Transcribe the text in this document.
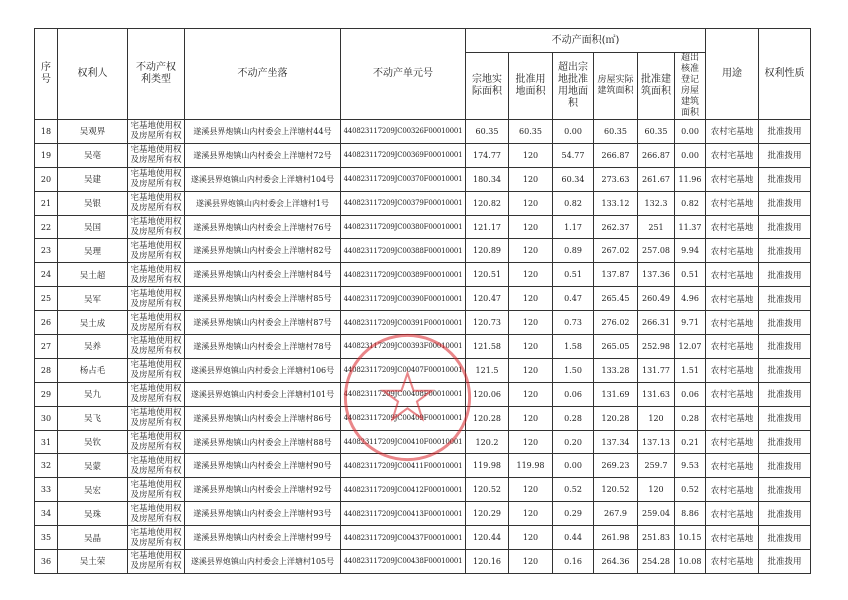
序号	权利人	不动产权利类型	不动产坐落	不动产单元号	不动产面积(㎡)						用途	权利性质
					宗地实际面积	批准用地面积	超出宗地批准用地面积	房屋实际建筑面积	批准建筑面积	超出核准登记房屋建筑面积		
18	吴观界	宅基地使用权及房屋所有权	遂溪县界炮镇山内村委会上洋塘村44号	440823117209JC00326F00010001	60.35	60.35	0.00	60.35	60.35	0.00	农村宅基地	批准拨用
19	吴亳	宅基地使用权及房屋所有权	遂溪县界炮镇山内村委会上洋塘村72号	440823117209JC00369F00010001	174.77	120	54.77	266.87	266.87	0.00	农村宅基地	批准拨用
20	吴建	宅基地使用权及房屋所有权	遂溪县界炮镇山内村委会上洋塘村104号	440823117209JC00370F00010001	180.34	120	60.34	273.63	261.67	11.96	农村宅基地	批准拨用
21	吴银	宅基地使用权及房屋所有权	遂溪县界炮镇山内村委会上洋塘村1号	440823117209JC00379F00010001	120.82	120	0.82	133.12	132.3	0.82	农村宅基地	批准拨用
22	吴国	宅基地使用权及房屋所有权	遂溪县界炮镇山内村委会上洋塘村76号	440823117209JC00380F00010001	121.17	120	1.17	262.37	251	11.37	农村宅基地	批准拨用
23	吴理	宅基地使用权及房屋所有权	遂溪县界炮镇山内村委会上洋塘村82号	440823117209JC00388F00010001	120.89	120	0.89	267.02	257.08	9.94	农村宅基地	批准拨用
24	吴土超	宅基地使用权及房屋所有权	遂溪县界炮镇山内村委会上洋塘村84号	440823117209JC00389F00010001	120.51	120	0.51	137.87	137.36	0.51	农村宅基地	批准拨用
25	吴军	宅基地使用权及房屋所有权	遂溪县界炮镇山内村委会上洋塘村85号	440823117209JC00390F00010001	120.47	120	0.47	265.45	260.49	4.96	农村宅基地	批准拨用
26	吴土成	宅基地使用权及房屋所有权	遂溪县界炮镇山内村委会上洋塘村87号	440823117209JC00391F00010001	120.73	120	0.73	276.02	266.31	9.71	农村宅基地	批准拨用
27	吴养	宅基地使用权及房屋所有权	遂溪县界炮镇山内村委会上洋塘村78号	440823117209JC00393F00010001	121.58	120	1.58	265.05	252.98	12.07	农村宅基地	批准拨用
28	杨占毛	宅基地使用权及房屋所有权	遂溪县界炮镇山内村委会上洋塘村106号	440823117209JC00407F00010001	121.5	120	1.50	133.28	131.77	1.51	农村宅基地	批准拨用
29	吴九	宅基地使用权及房屋所有权	遂溪县界炮镇山内村委会上洋塘村101号	440823117209JC00408F00010001	120.06	120	0.06	131.69	131.63	0.06	农村宅基地	批准拨用
30	吴飞	宅基地使用权及房屋所有权	遂溪县界炮镇山内村委会上洋塘村86号	440823117209JC00409F00010001	120.28	120	0.28	120.28	120	0.28	农村宅基地	批准拨用
31	吴钦	宅基地使用权及房屋所有权	遂溪县界炮镇山内村委会上洋塘村88号	440823117209JC00410F00010001	120.2	120	0.20	137.34	137.13	0.21	农村宅基地	批准拨用
32	吴蒙	宅基地使用权及房屋所有权	遂溪县界炮镇山内村委会上洋塘村90号	440823117209JC00411F00010001	119.98	119.98	0.00	269.23	259.7	9.53	农村宅基地	批准拨用
33	吴宏	宅基地使用权及房屋所有权	遂溪县界炮镇山内村委会上洋塘村92号	440823117209JC00412F00010001	120.52	120	0.52	120.52	120	0.52	农村宅基地	批准拨用
34	吴珠	宅基地使用权及房屋所有权	遂溪县界炮镇山内村委会上洋塘村93号	440823117209JC00413F00010001	120.29	120	0.29	267.9	259.04	8.86	农村宅基地	批准拨用
35	吴晶	宅基地使用权及房屋所有权	遂溪县界炮镇山内村委会上洋塘村99号	440823117209JC00437F00010001	120.44	120	0.44	261.98	251.83	10.15	农村宅基地	批准拨用
36	吴土荣	宅基地使用权及房屋所有权	遂溪县界炮镇山内村委会上洋塘村105号	440823117209JC00438F00010001	120.16	120	0.16	264.36	254.28	10.08	农村宅基地	批准拨用
